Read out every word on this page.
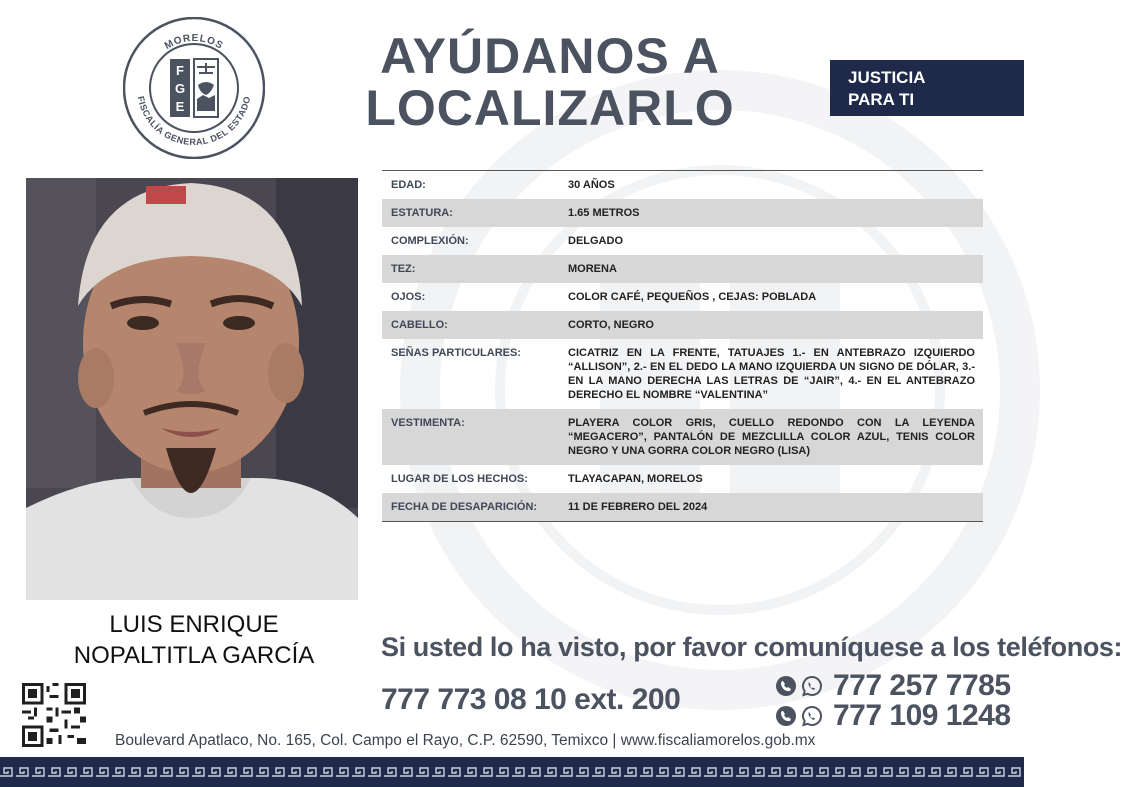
MORELOS
FISCALÍA GENERAL DEL ESTADO
F
G
E
AYÚDANOS A
LOCALIZARLO
JUSTICIA
PARA TI
LUIS ENRIQUE
NOPALTITLA GARCÍA
EDAD:	30 AÑOS
ESTATURA:	1.65 METROS
COMPLEXIÓN:	DELGADO
TEZ:	MORENA
OJOS:	COLOR CAFÉ, PEQUEÑOS , CEJAS: POBLADA
CABELLO:	CORTO, NEGRO
SEÑAS PARTICULARES:	CICATRIZ EN LA FRENTE, TATUAJES 1.- EN ANTEBRAZO IZQUIERDO “ALLISON”, 2.- EN EL DEDO LA MANO IZQUIERDA UN SIGNO DE DÓLAR, 3.- EN LA MANO DERECHA LAS LETRAS DE “JAIR”, 4.- EN EL ANTEBRAZO DERECHO EL NOMBRE “VALENTINA”
VESTIMENTA:	PLAYERA COLOR GRIS, CUELLO REDONDO CON LA LEYENDA “MEGACERO”, PANTALÓN DE MEZCLILLA COLOR AZUL, TENIS COLOR NEGRO Y UNA GORRA COLOR NEGRO (LISA)
LUGAR DE LOS HECHOS:	TLAYACAPAN, MORELOS
FECHA DE DESAPARICIÓN:	11 DE FEBRERO DEL 2024
Si usted lo ha visto, por favor comuníquese a los teléfonos:
777 773 08 10 ext. 200	777 257 7785
777 109 1248
Boulevard Apatlaco, No. 165, Col. Campo el Rayo, C.P. 62590, Temixco | www.fiscaliamorelos.gob.mx
